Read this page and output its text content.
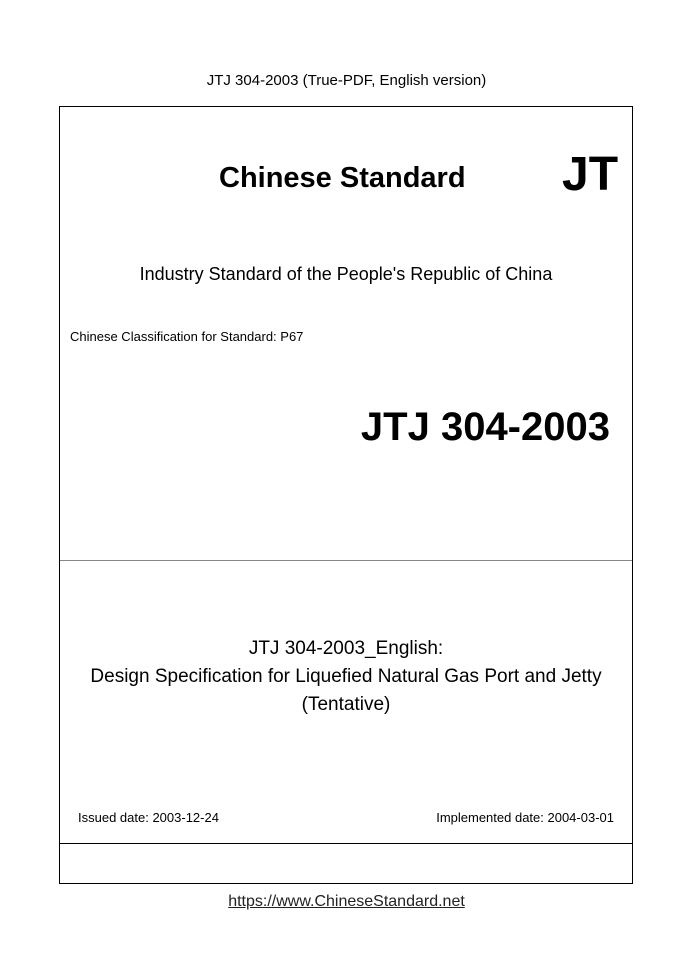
JTJ 304-2003 (True-PDF, English version)
Chinese Standard JT
Industry Standard of the People's Republic of China
Chinese Classification for Standard: P67
JTJ 304-2003
JTJ 304-2003_English:
Design Specification for Liquefied Natural Gas Port and Jetty
(Tentative)
Issued date: 2003-12-24	Implemented date: 2004-03-01
https://www.ChineseStandard.net
